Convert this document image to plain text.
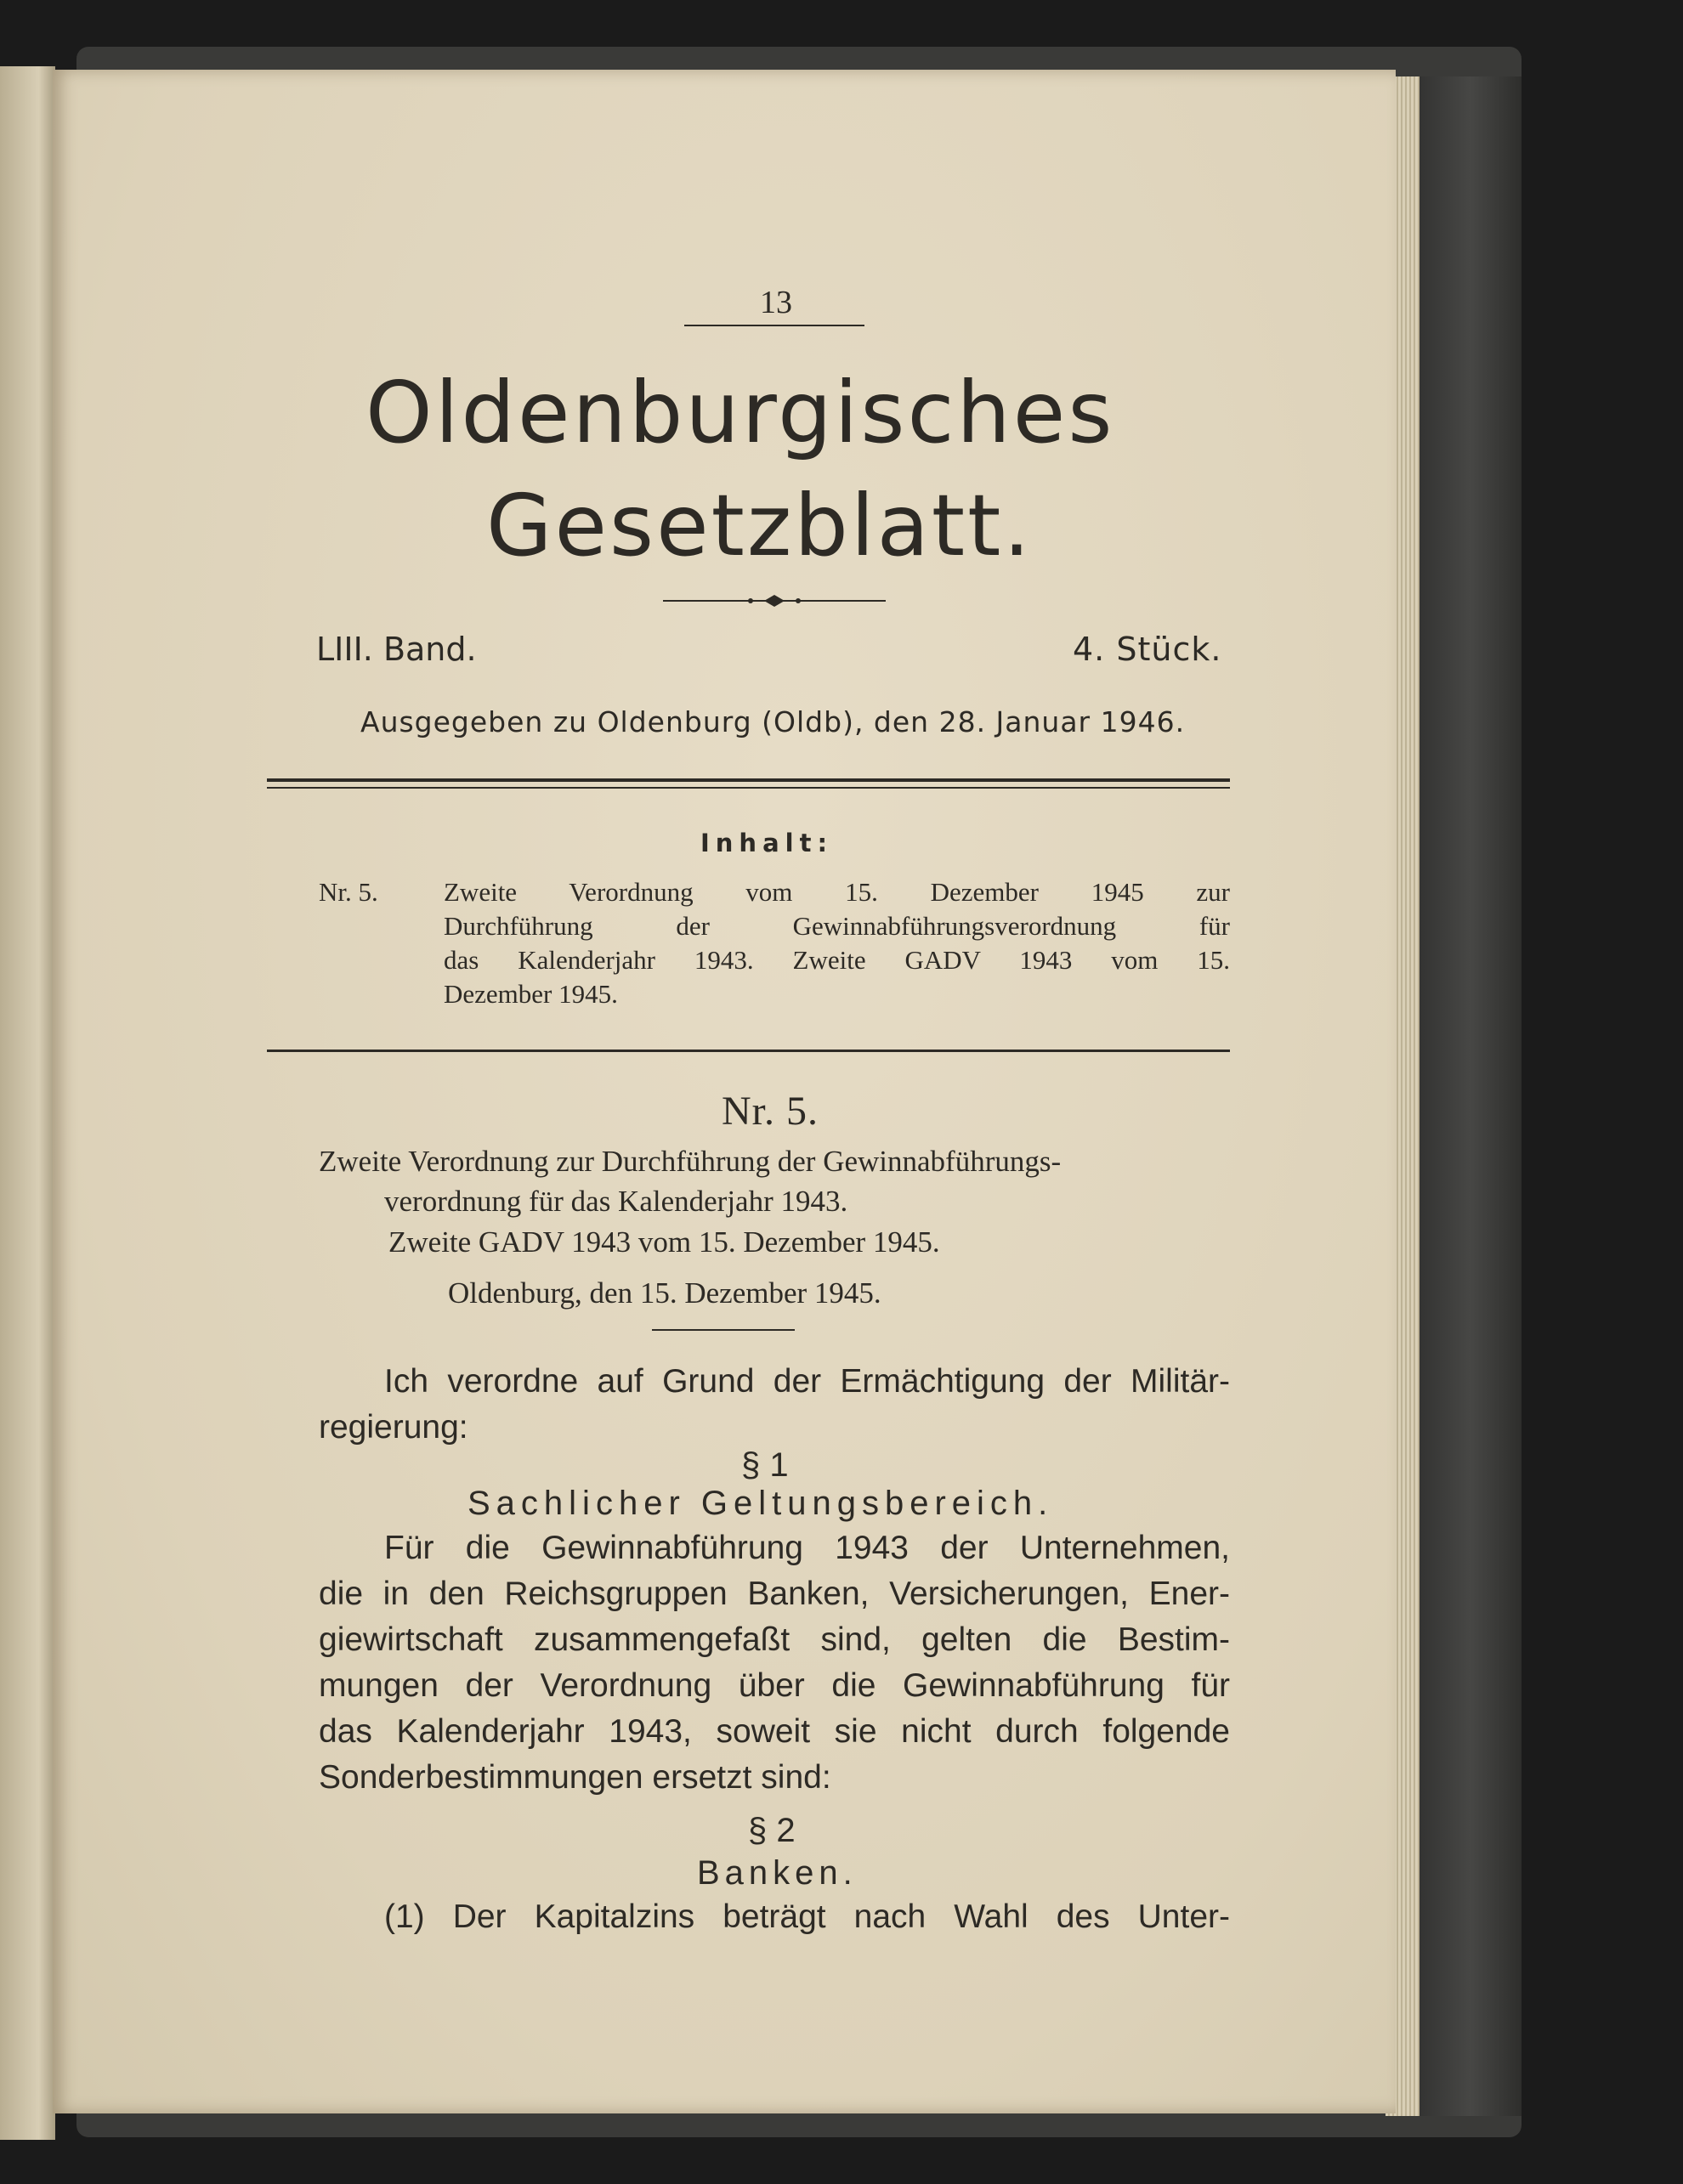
13
Oldenburgisches
Gesetzblatt.
LIII. Band.	4. Stück.
Ausgegeben zu Oldenburg (Oldb), den 28. Januar 1946.
Inhalt:
Nr. 5. Zweite Verordnung vom 15. Dezember 1945 zur
Durchführung der Gewinnabführungsverordnung für
das Kalenderjahr 1943. Zweite GADV 1943 vom 15.
Dezember 1945.
Nr. 5.
Zweite Verordnung zur Durchführung der Gewinnabführungs-
verordnung für das Kalenderjahr 1943.
Zweite GADV 1943 vom 15. Dezember 1945.
Oldenburg, den 15. Dezember 1945.
Ich verordne auf Grund der Ermächtigung der Militär-
regierung:
§ 1
Sachlicher Geltungsbereich.
Für die Gewinnabführung 1943 der Unternehmen,
die in den Reichsgruppen Banken, Versicherungen, Ener-
giewirtschaft zusammengefaßt sind, gelten die Bestim-
mungen der Verordnung über die Gewinnabführung für
das Kalenderjahr 1943, soweit sie nicht durch folgende
Sonderbestimmungen ersetzt sind:
§ 2
Banken.
(1) Der Kapitalzins beträgt nach Wahl des Unter-
